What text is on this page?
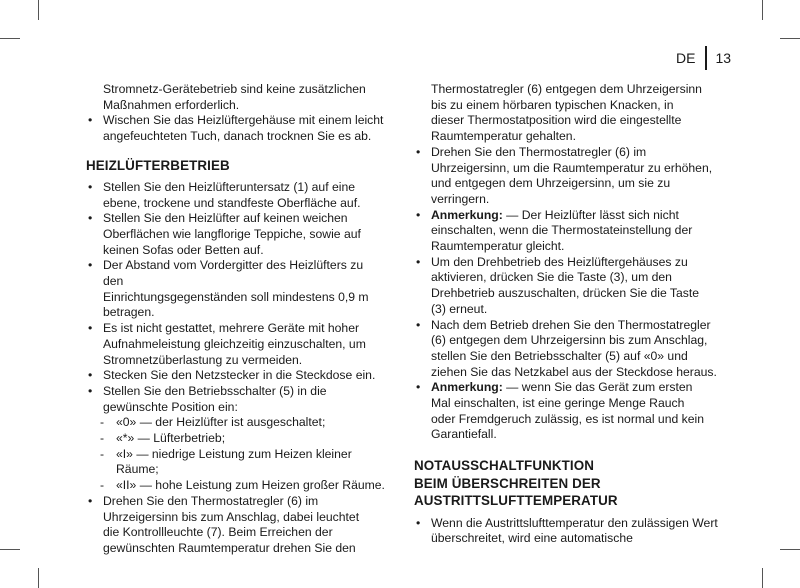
DE 13
Stromnetz-Gerätebetrieb sind keine zusätzlichen
Maßnahmen erforderlich.
• Wischen Sie das Heizlüftergehäuse mit einem leicht
angefeuchteten Tuch, danach trocknen Sie es ab.
HEIZLÜFTERBETRIEB
• Stellen Sie den Heizlüfteruntersatz (1) auf eine
ebene, trockene und standfeste Oberfläche auf.
• Stellen Sie den Heizlüfter auf keinen weichen
Oberflächen wie langflorige Teppiche, sowie auf
keinen Sofas oder Betten auf.
• Der Abstand vom Vordergitter des Heizlüfters zu den
Einrichtungsgegenständen soll mindestens 0,9 m
betragen.
• Es ist nicht gestattet, mehrere Geräte mit hoher
Aufnahmeleistung gleichzeitig einzuschalten, um
Stromnetzüberlastung zu vermeiden.
• Stecken Sie den Netzstecker in die Steckdose ein.
• Stellen Sie den Betriebsschalter (5) in die
gewünschte Position ein:
- «0» — der Heizlüfter ist ausgeschaltet;
- «*» — Lüfterbetrieb;
- «I» — niedrige Leistung zum Heizen kleiner
Räume;
- «II» — hohe Leistung zum Heizen großer Räume.
• Drehen Sie den Thermostatregler (6) im
Uhrzeigersinn bis zum Anschlag, dabei leuchtet
die Kontrollleuchte (7). Beim Erreichen der
gewünschten Raumtemperatur drehen Sie den
Thermostatregler (6) entgegen dem Uhrzeigersinn
bis zu einem hörbaren typischen Knacken, in
dieser Thermostatposition wird die eingestellte
Raumtemperatur gehalten.
• Drehen Sie den Thermostatregler (6) im
Uhrzeigersinn, um die Raumtemperatur zu erhöhen,
und entgegen dem Uhrzeigersinn, um sie zu
verringern.
• Anmerkung: — Der Heizlüfter lässt sich nicht
einschalten, wenn die Thermostateinstellung der
Raumtemperatur gleicht.
• Um den Drehbetrieb des Heizlüftergehäuses zu
aktivieren, drücken Sie die Taste (3), um den
Drehbetrieb auszuschalten, drücken Sie die Taste
(3) erneut.
• Nach dem Betrieb drehen Sie den Thermostatregler
(6) entgegen dem Uhrzeigersinn bis zum Anschlag,
stellen Sie den Betriebsschalter (5) auf «0» und
ziehen Sie das Netzkabel aus der Steckdose heraus.
• Anmerkung: — wenn Sie das Gerät zum ersten
Mal einschalten, ist eine geringe Menge Rauch
oder Fremdgeruch zulässig, es ist normal und kein
Garantiefall.
NOTAUSSCHALTFUNKTION
BEIM ÜBERSCHREITEN DER
AUSTRITTSLUFTTEMPERATUR
• Wenn die Austrittslufttemperatur den zulässigen Wert
überschreitet, wird eine automatische
